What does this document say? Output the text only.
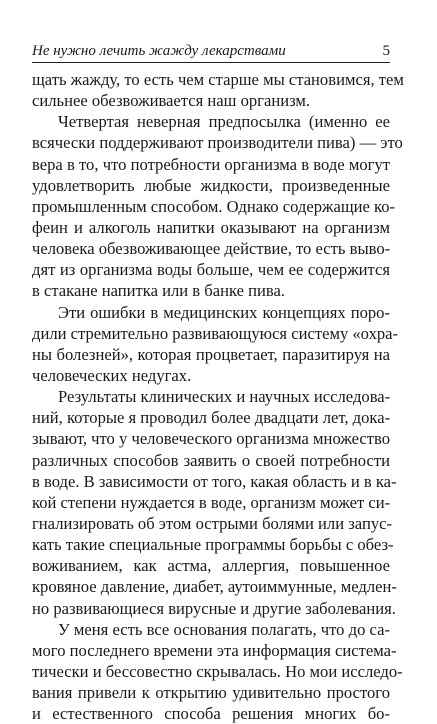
Не нужно лечить жажду лекарствами	5
щать жажду, то есть чем старше мы становимся, тем
сильнее обезвоживается наш организм.
Четвертая неверная предпосылка (именно ее
всячески поддерживают производители пива) — это
вера в то, что потребности организма в воде могут
удовлетворить любые жидкости, произведенные
промышленным способом. Однако содержащие ко-
феин и алкоголь напитки оказывают на организм
человека обезвоживающее действие, то есть выво-
дят из организма воды больше, чем ее содержится
в стакане напитка или в банке пива.
Эти ошибки в медицинских концепциях поро-
дили стремительно развивающуюся систему «охра-
ны болезней», которая процветает, паразитируя на
человеческих недугах.
Результаты клинических и научных исследова-
ний, которые я проводил более двадцати лет, дока-
зывают, что у человеческого организма множество
различных способов заявить о своей потребности
в воде. В зависимости от того, какая область и в ка-
кой степени нуждается в воде, организм может си-
гнализировать об этом острыми болями или запус-
кать такие специальные программы борьбы с обез-
воживанием, как астма, аллергия, повышенное
кровяное давление, диабет, аутоиммунные, медлен-
но развивающиеся вирусные и другие заболевания.
У меня есть все основания полагать, что до са-
мого последнего времени эта информация система-
тически и бессовестно скрывалась. Но мои исследо-
вания привели к открытию удивительно простого
и естественного способа решения многих бо-
